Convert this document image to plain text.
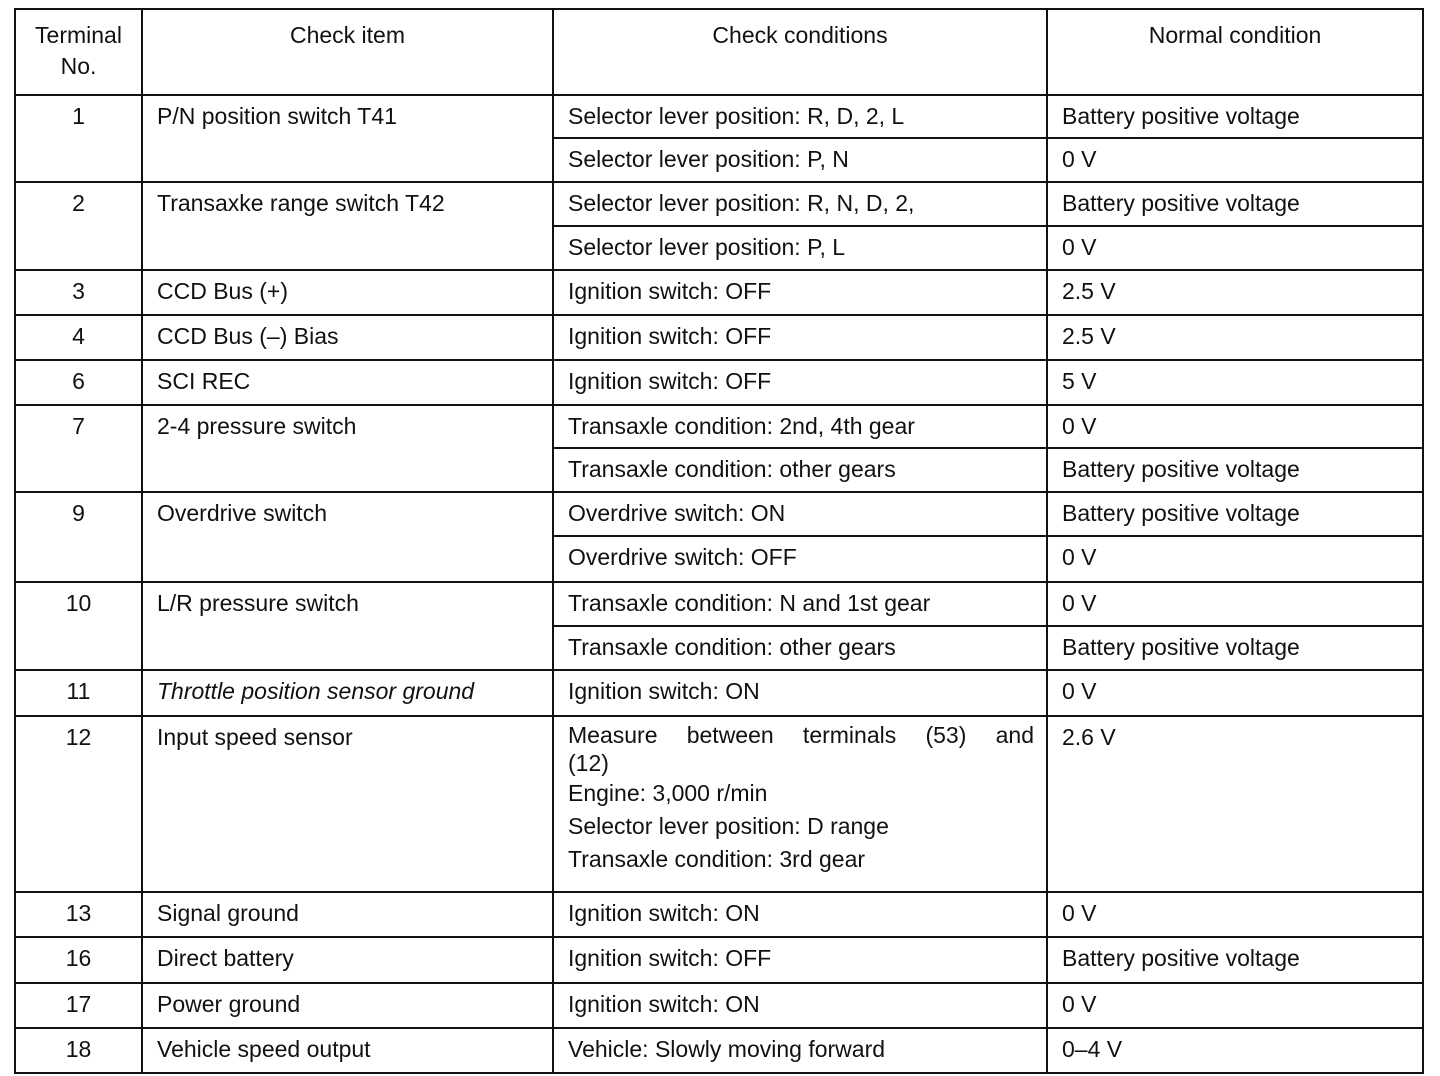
Terminal No.	Check item	Check conditions	Normal condition
1	P/N position switch T41	Selector lever position: R, D, 2, L	Battery positive voltage
		Selector lever position: P, N	0 V
2	Transaxke range switch T42	Selector lever position: R, N, D, 2,	Battery positive voltage
		Selector lever position: P, L	0 V
3	CCD Bus (+)	Ignition switch: OFF	2.5 V
4	CCD Bus (–) Bias	Ignition switch: OFF	2.5 V
6	SCI REC	Ignition switch: OFF	5 V
7	2-4 pressure switch	Transaxle condition: 2nd, 4th gear	0 V
		Transaxle condition: other gears	Battery positive voltage
9	Overdrive switch	Overdrive switch: ON	Battery positive voltage
		Overdrive switch: OFF	0 V
10	L/R pressure switch	Transaxle condition: N and 1st gear	0 V
		Transaxle condition: other gears	Battery positive voltage
11	Throttle position sensor ground	Ignition switch: ON	0 V
12	Input speed sensor	Measure between terminals (53) and
(12)
Engine: 3,000 r/min
Selector lever position: D range
Transaxle condition: 3rd gear	2.6 V
13	Signal ground	Ignition switch: ON	0 V
16	Direct battery	Ignition switch: OFF	Battery positive voltage
17	Power ground	Ignition switch: ON	0 V
18	Vehicle speed output	Vehicle: Slowly moving forward	0–4 V
